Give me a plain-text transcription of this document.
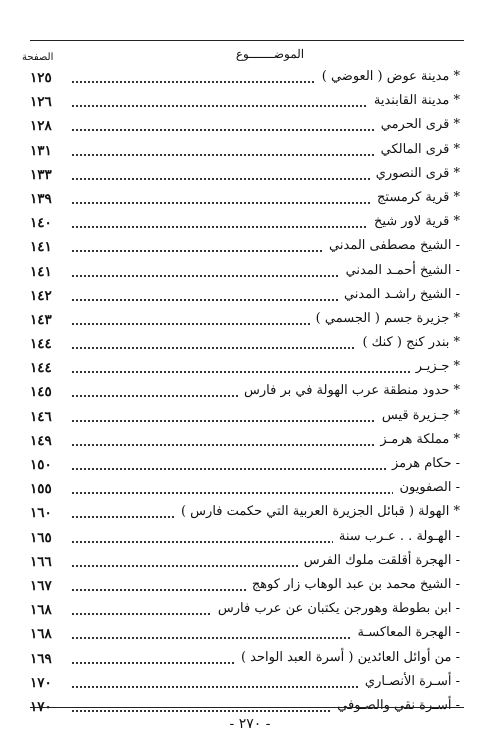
الموضـــــــوع
الصفحة
* مدينة عوض ( العوضي )
١٢٥
* مدينة القابندية
١٢٦
* قرى الحرمي
١٢٨
* قرى المالكي
١٣١
* قرى النصوري
١٣٣
* قرية كرمستج
١٣٩
* قرية لاور شيخ
١٤٠
- الشيخ مصطفى المدني
١٤١
- الشيخ أحمـد المدني
١٤١
- الشيخ راشـد المدني
١٤٢
* جزيرة جسم ( الجسمي )
١٤٣
* بندر كنج ( كنك )
١٤٤
* جـزيـر
١٤٤
* حدود منطقة عرب الهولة في بر فارس
١٤٥
* جـزيرة قيس
١٤٦
* مملكة هرمـز
١٤٩
- حكام هرمز
١٥٠
- الصفويون
١٥٥
* الهولة ( قبائل الجزيرة العربية التي حكمت فارس )
١٦٠
- الهـولة . . عـرب سنة
١٦٥
- الهجرة أقلقت ملوك الفرس
١٦٦
- الشيخ محمد بن عبد الوهاب زار كوهج
١٦٧
- ابن بطوطة وهورجن يكتبان عن عرب فارس
١٦٨
- الهجرة المعاكسـة
١٦٨
- من أوائل العائدين ( أسرة العبد الواحد )
١٦٩
- أسـرة الأنصـاري
١٧٠
- أسـرة نقي والصـوفي
١٧٠
- ٢٧٠ -
